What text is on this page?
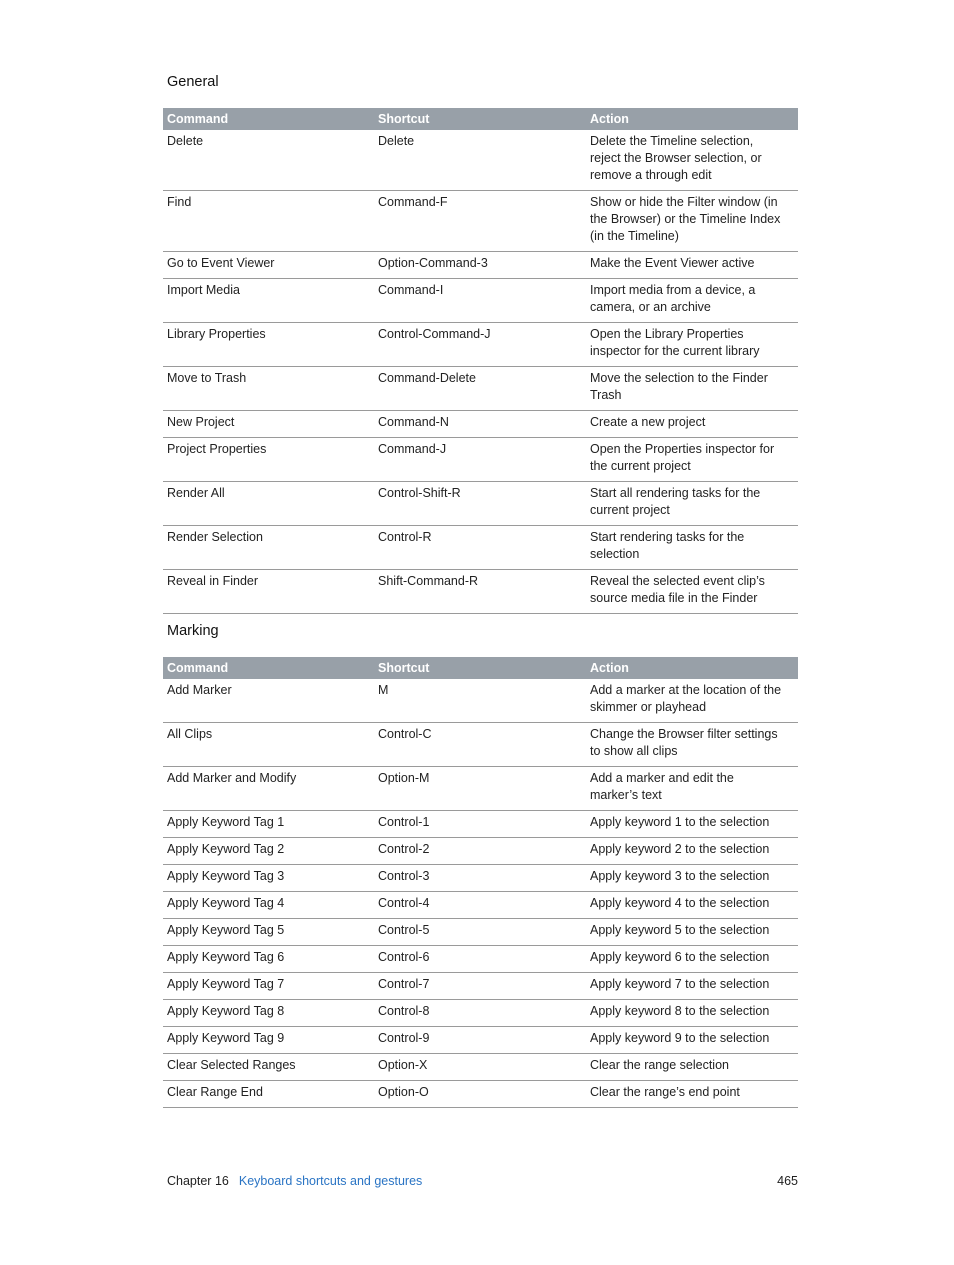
General
Command	Shortcut	Action
Delete	Delete	Delete the Timeline selection, reject the Browser selection, or remove a through edit
Find	Command-F	Show or hide the Filter window (in the Browser) or the Timeline Index (in the Timeline)
Go to Event Viewer	Option-Command-3	Make the Event Viewer active
Import Media	Command-I	Import media from a device, a camera, or an archive
Library Properties	Control-Command-J	Open the Library Properties inspector for the current library
Move to Trash	Command-Delete	Move the selection to the Finder Trash
New Project	Command-N	Create a new project
Project Properties	Command-J	Open the Properties inspector for the current project
Render All	Control-Shift-R	Start all rendering tasks for the current project
Render Selection	Control-R	Start rendering tasks for the selection
Reveal in Finder	Shift-Command-R	Reveal the selected event clip’s source media file in the Finder
Marking
Command	Shortcut	Action
Add Marker	M	Add a marker at the location of the skimmer or playhead
All Clips	Control-C	Change the Browser filter settings to show all clips
Add Marker and Modify	Option-M	Add a marker and edit the marker’s text
Apply Keyword Tag 1	Control-1	Apply keyword 1 to the selection
Apply Keyword Tag 2	Control-2	Apply keyword 2 to the selection
Apply Keyword Tag 3	Control-3	Apply keyword 3 to the selection
Apply Keyword Tag 4	Control-4	Apply keyword 4 to the selection
Apply Keyword Tag 5	Control-5	Apply keyword 5 to the selection
Apply Keyword Tag 6	Control-6	Apply keyword 6 to the selection
Apply Keyword Tag 7	Control-7	Apply keyword 7 to the selection
Apply Keyword Tag 8	Control-8	Apply keyword 8 to the selection
Apply Keyword Tag 9	Control-9	Apply keyword 9 to the selection
Clear Selected Ranges	Option-X	Clear the range selection
Clear Range End	Option-O	Clear the range’s end point
Chapter 16 Keyboard shortcuts and gestures	465
